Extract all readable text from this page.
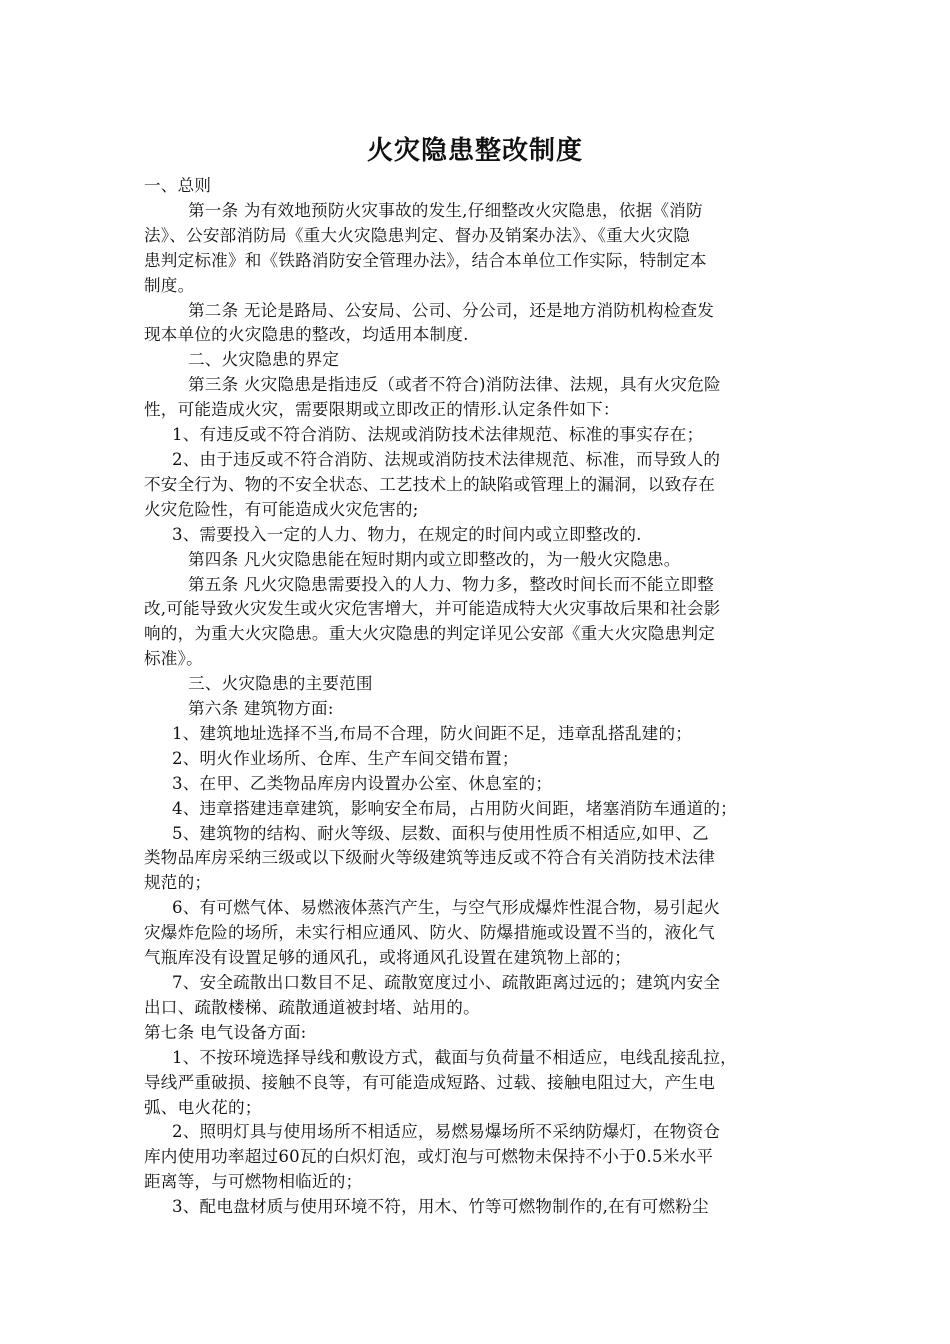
火灾隐患整改制度

一、总则

第一条 为有效地预防火灾事故的发生,仔细整改火灾隐患，依据《消防

法》、公安部消防局《重大火灾隐患判定、督办及销案办法》、《重大火灾隐

患判定标准》和《铁路消防安全管理办法》，结合本单位工作实际，特制定本

制度。

第二条 无论是路局、公安局、公司、分公司，还是地方消防机构检查发

现本单位的火灾隐患的整改，均适用本制度.

二、火灾隐患的界定

第三条 火灾隐患是指违反（或者不符合)消防法律、法规，具有火灾危险

性，可能造成火灾，需要限期或立即改正的情形.认定条件如下：

1、有违反或不符合消防、法规或消防技术法律规范、标准的事实存在；

2、由于违反或不符合消防、法规或消防技术法律规范、标准，而导致人的

不安全行为、物的不安全状态、工艺技术上的缺陷或管理上的漏洞，以致存在

火灾危险性，有可能造成火灾危害的;

3、需要投入一定的人力、物力，在规定的时间内或立即整改的.

第四条 凡火灾隐患能在短时期内或立即整改的，为一般火灾隐患。

第五条 凡火灾隐患需要投入的人力、物力多，整改时间长而不能立即整

改,可能导致火灾发生或火灾危害增大，并可能造成特大火灾事故后果和社会影

响的，为重大火灾隐患。重大火灾隐患的判定详见公安部《重大火灾隐患判定

标准》。

三、火灾隐患的主要范围

第六条 建筑物方面:

1、建筑地址选择不当,布局不合理，防火间距不足，违章乱搭乱建的；

2、明火作业场所、仓库、生产车间交错布置；

3、在甲、乙类物品库房内设置办公室、休息室的；

4、违章搭建违章建筑，影响安全布局，占用防火间距，堵塞消防车通道的；

5、建筑物的结构、耐火等级、层数、面积与使用性质不相适应,如甲、乙

类物品库房采纳三级或以下级耐火等级建筑等违反或不符合有关消防技术法律

规范的；

6、有可燃气体、易燃液体蒸汽产生，与空气形成爆炸性混合物，易引起火

灾爆炸危险的场所，未实行相应通风、防火、防爆措施或设置不当的，液化气

气瓶库没有设置足够的通风孔，或将通风孔设置在建筑物上部的；

7、安全疏散出口数目不足、疏散宽度过小、疏散距离过远的；建筑内安全

出口、疏散楼梯、疏散通道被封堵、站用的。

第七条 电气设备方面:

1、不按环境选择导线和敷设方式，截面与负荷量不相适应，电线乱接乱拉，

导线严重破损、接触不良等，有可能造成短路、过载、接触电阻过大，产生电

弧、电火花的；

2、照明灯具与使用场所不相适应，易燃易爆场所不采纳防爆灯，在物资仓

库内使用功率超过60瓦的白炽灯泡，或灯泡与可燃物未保持不小于0.5米水平

距离等，与可燃物相临近的；

3、配电盘材质与使用环境不符，用木、竹等可燃物制作的,在有可燃粉尘
